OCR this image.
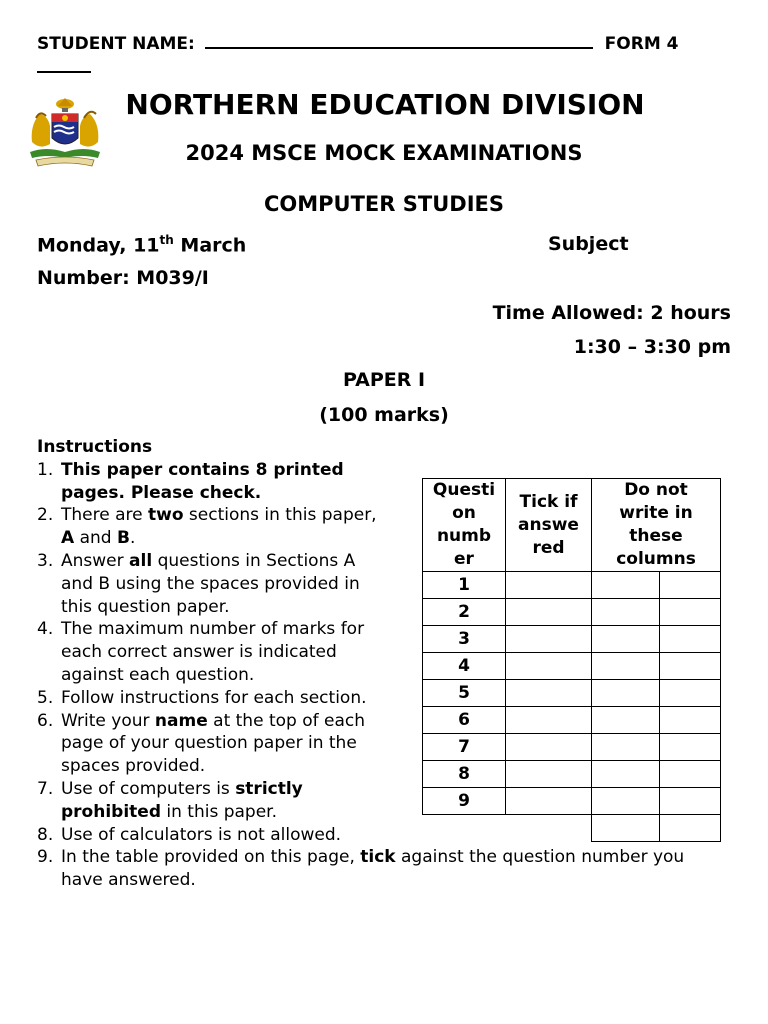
STUDENT NAME:	FORM 4
NORTHERN EDUCATION DIVISION
2024 MSCE MOCK EXAMINATIONS
COMPUTER STUDIES
Monday, 11th March	Subject
Number: M039/I
Time Allowed: 2 hours
1:30 – 3:30 pm
PAPER I
(100 marks)
Instructions
1. This paper contains 8 printed
pages. Please check.
2. There are two sections in this paper,
A and B.
3. Answer all questions in Sections A
and B using the spaces provided in
this question paper.
4. The maximum number of marks for
each correct answer is indicated
against each question.
5. Follow instructions for each section.
6. Write your name at the top of each
page of your question paper in the
spaces provided.
7. Use of computers is strictly
prohibited in this paper.
8. Use of calculators is not allowed.
9. In the table provided on this page, tick against the question number you
have answered.
Questi
on
numb
er	Tick if
answe
red	Do not
write in
these
columns	
1			
2			
3			
4			
5			
6			
7			
8			
9			
